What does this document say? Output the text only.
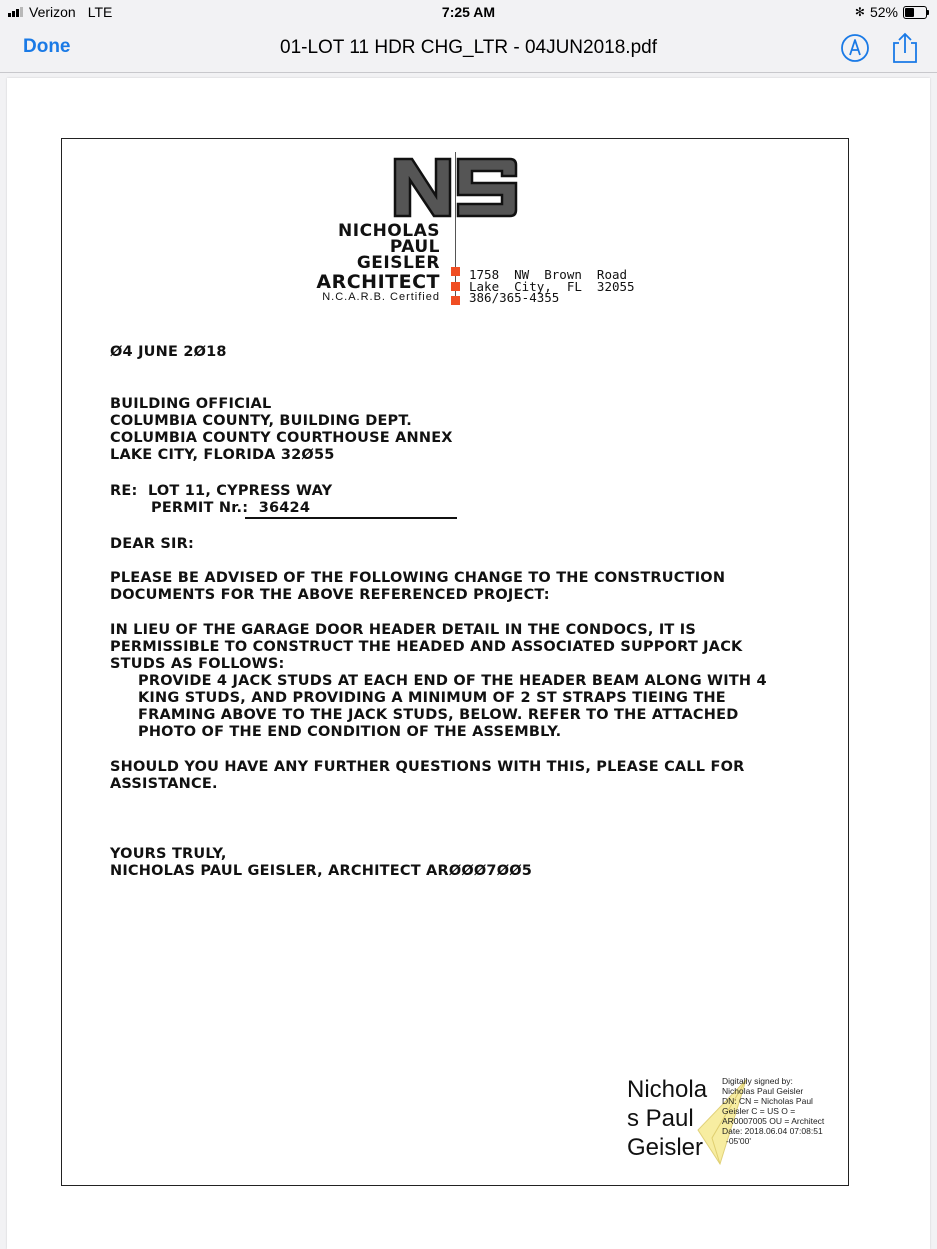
Verizon LTE	7:25 AM	✻ 52%
Done	01-LOT 11 HDR CHG_LTR - 04JUN2018.pdf
NICHOLAS
PAUL
GEISLER
ARCHITECT
N.C.A.R.B. Certified
1758  NW  Brown  Road
Lake  City,  FL  32055
386/365-4355
Ø4 JUNE 2Ø18
BUILDING OFFICIAL
COLUMBIA COUNTY, BUILDING DEPT.
COLUMBIA COUNTY COURTHOUSE ANNEX
LAKE CITY, FLORIDA 32Ø55
RE: LOT 11, CYPRESS WAY
PERMIT Nr.: 36424
DEAR SIR:
PLEASE BE ADVISED OF THE FOLLOWING CHANGE TO THE CONSTRUCTION
DOCUMENTS FOR THE ABOVE REFERENCED PROJECT:
IN LIEU OF THE GARAGE DOOR HEADER DETAIL IN THE CONDOCS, IT IS
PERMISSIBLE TO CONSTRUCT THE HEADED AND ASSOCIATED SUPPORT JACK
STUDS AS FOLLOWS:
PROVIDE 4 JACK STUDS AT EACH END OF THE HEADER BEAM ALONG WITH 4
KING STUDS, AND PROVIDING A MINIMUM OF 2 ST STRAPS TIEING THE
FRAMING ABOVE TO THE JACK STUDS, BELOW. REFER TO THE ATTACHED
PHOTO OF THE END CONDITION OF THE ASSEMBLY.
SHOULD YOU HAVE ANY FURTHER QUESTIONS WITH THIS, PLEASE CALL FOR
ASSISTANCE.
YOURS TRULY,
NICHOLAS PAUL GEISLER, ARCHITECT ARØØØ7ØØ5
Nichola
s Paul
Geisler
Digitally signed by:
Nicholas Paul Geisler
DN: CN = Nicholas Paul
Geisler C = US O =
AR0007005 OU = Architect
Date: 2018.06.04 07:08:51
-05'00'
